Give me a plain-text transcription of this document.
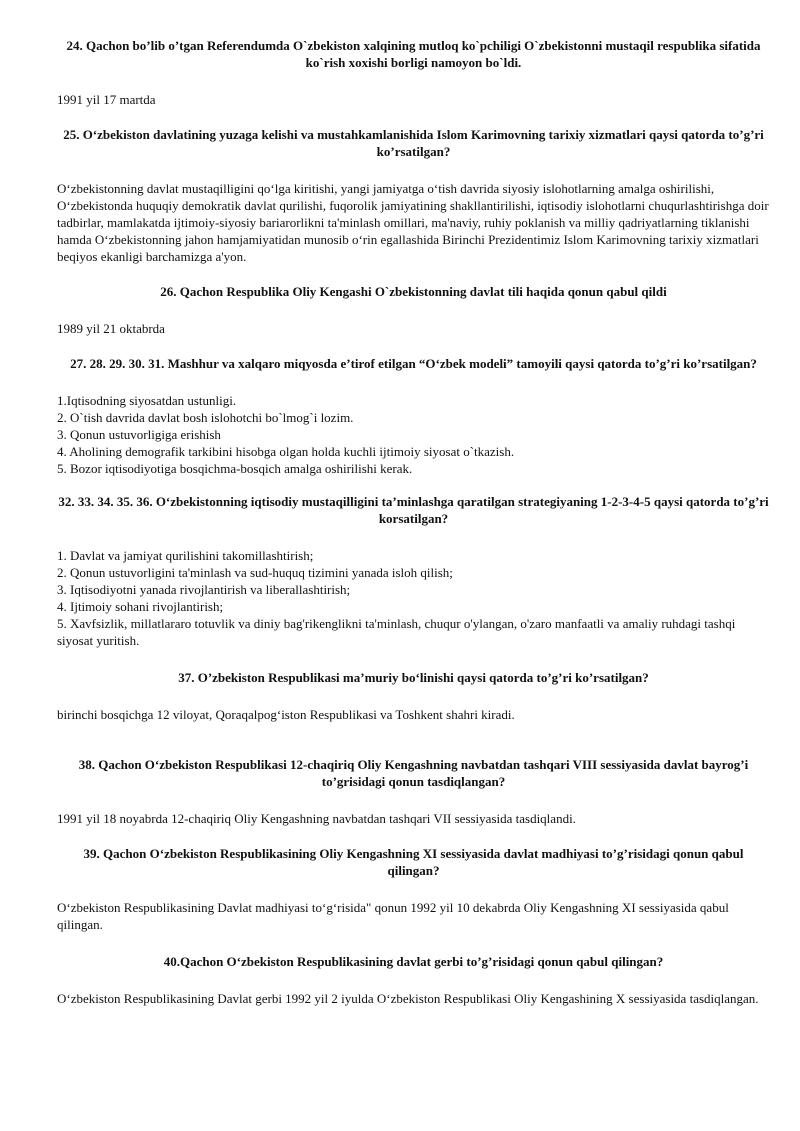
24. Qachon bo’lib o’tgan Referendumda O`zbekiston xalqining mutloq ko`pchiligi O`zbekistonni mustaqil respublika sifatida ko`rish xoxishi borligi namoyon bo`ldi.

1991 yil 17 martda

25. O‘zbekiston davlatining yuzaga kelishi va mustahkamlanishida Islom Karimovning tarixiy xizmatlari qaysi qatorda to’g’ri ko’rsatilgan?

O‘zbekistonning davlat mustaqilligini qo‘lga kiritishi, yangi jamiyatga o‘tish davrida siyosiy islohotlarning amalga oshirilishi, O‘zbekistonda huquqiy demokratik davlat qurilishi, fuqorolik jamiyatining shakllantirilishi, iqtisodiy islohotlarni chuqurlashtirishga doir tadbirlar, mamlakatda ijtimoiy-siyosiy bariarorlikni ta'minlash omillari, ma'naviy, ruhiy poklanish va milliy qadriyatlarning tiklanishi hamda O‘zbekistonning jahon hamjamiyatidan munosib o‘rin egallashida Birinchi Prezidentimiz Islom Karimovning tarixiy xizmatlari beqiyos ekanligi barchamizga a'yon.

26. Qachon Respublika Oliy Kengashi O`zbekistonning davlat tili haqida qonun qabul qildi

1989 yil 21 oktabrda

27. 28. 29. 30. 31. Mashhur va xalqaro miqyosda e’tirof etilgan “O‘zbek modeli” tamoyili qaysi qatorda to’g’ri ko’rsatilgan?

1.Iqtisodning siyosatdan ustunligi.
2. O`tish davrida davlat bosh islohotchi bo`lmog`i lozim.
3. Qonun ustuvorligiga erishish
4. Aholining demografik tarkibini hisobga olgan holda kuchli ijtimoiy siyosat o`tkazish.
5. Bozor iqtisodiyotiga bosqichma-bosqich amalga oshirilishi kerak.

32. 33. 34. 35. 36. O‘zbekistonning iqtisodiy mustaqilligini ta’minlashga qaratilgan strategiyaning 1-2-3-4-5 qaysi qatorda to’g’ri korsatilgan?

1. Davlat va jamiyat qurilishini takomillashtirish;
2. Qonun ustuvorligini ta'minlash va sud-huquq tizimini yanada isloh qilish;
3. Iqtisodiyotni yanada rivojlantirish va liberallashtirish;
4. Ijtimoiy sohani rivojlantirish;
5. Xavfsizlik, millatlararo totuvlik va diniy bag'rikenglikni ta'minlash, chuqur o'ylangan, o'zaro manfaatli va amaliy ruhdagi tashqi siyosat yuritish.

37. O’zbekiston Respublikasi ma’muriy bo‘linishi qaysi qatorda to’g’ri ko’rsatilgan?

birinchi bosqichga 12 viloyat, Qoraqalpog‘iston Respublikasi va Toshkent shahri kiradi.

38. Qachon O‘zbekiston Respublikasi 12-chaqiriq Oliy Kengashning navbatdan tashqari VIII sessiyasida davlat bayrog’i to’grisidagi qonun tasdiqlangan?

1991 yil 18 noyabrda 12-chaqiriq Oliy Kengashning navbatdan tashqari VII sessiyasida tasdiqlandi.

39. Qachon O‘zbekiston Respublikasining Oliy Kengashning XI sessiyasida davlat madhiyasi to’g’risidagi qonun qabul qilingan?

O‘zbekiston Respublikasining Davlat madhiyasi to‘g‘risida" qonun 1992 yil 10 dekabrda Oliy Kengashning XI sessiyasida qabul qilingan.

40.Qachon O‘zbekiston Respublikasining davlat gerbi to’g’risidagi qonun qabul qilingan?

O‘zbekiston Respublikasining Davlat gerbi 1992 yil 2 iyulda O‘zbekiston Respublikasi Oliy Kengashining X sessiyasida tasdiqlangan.
